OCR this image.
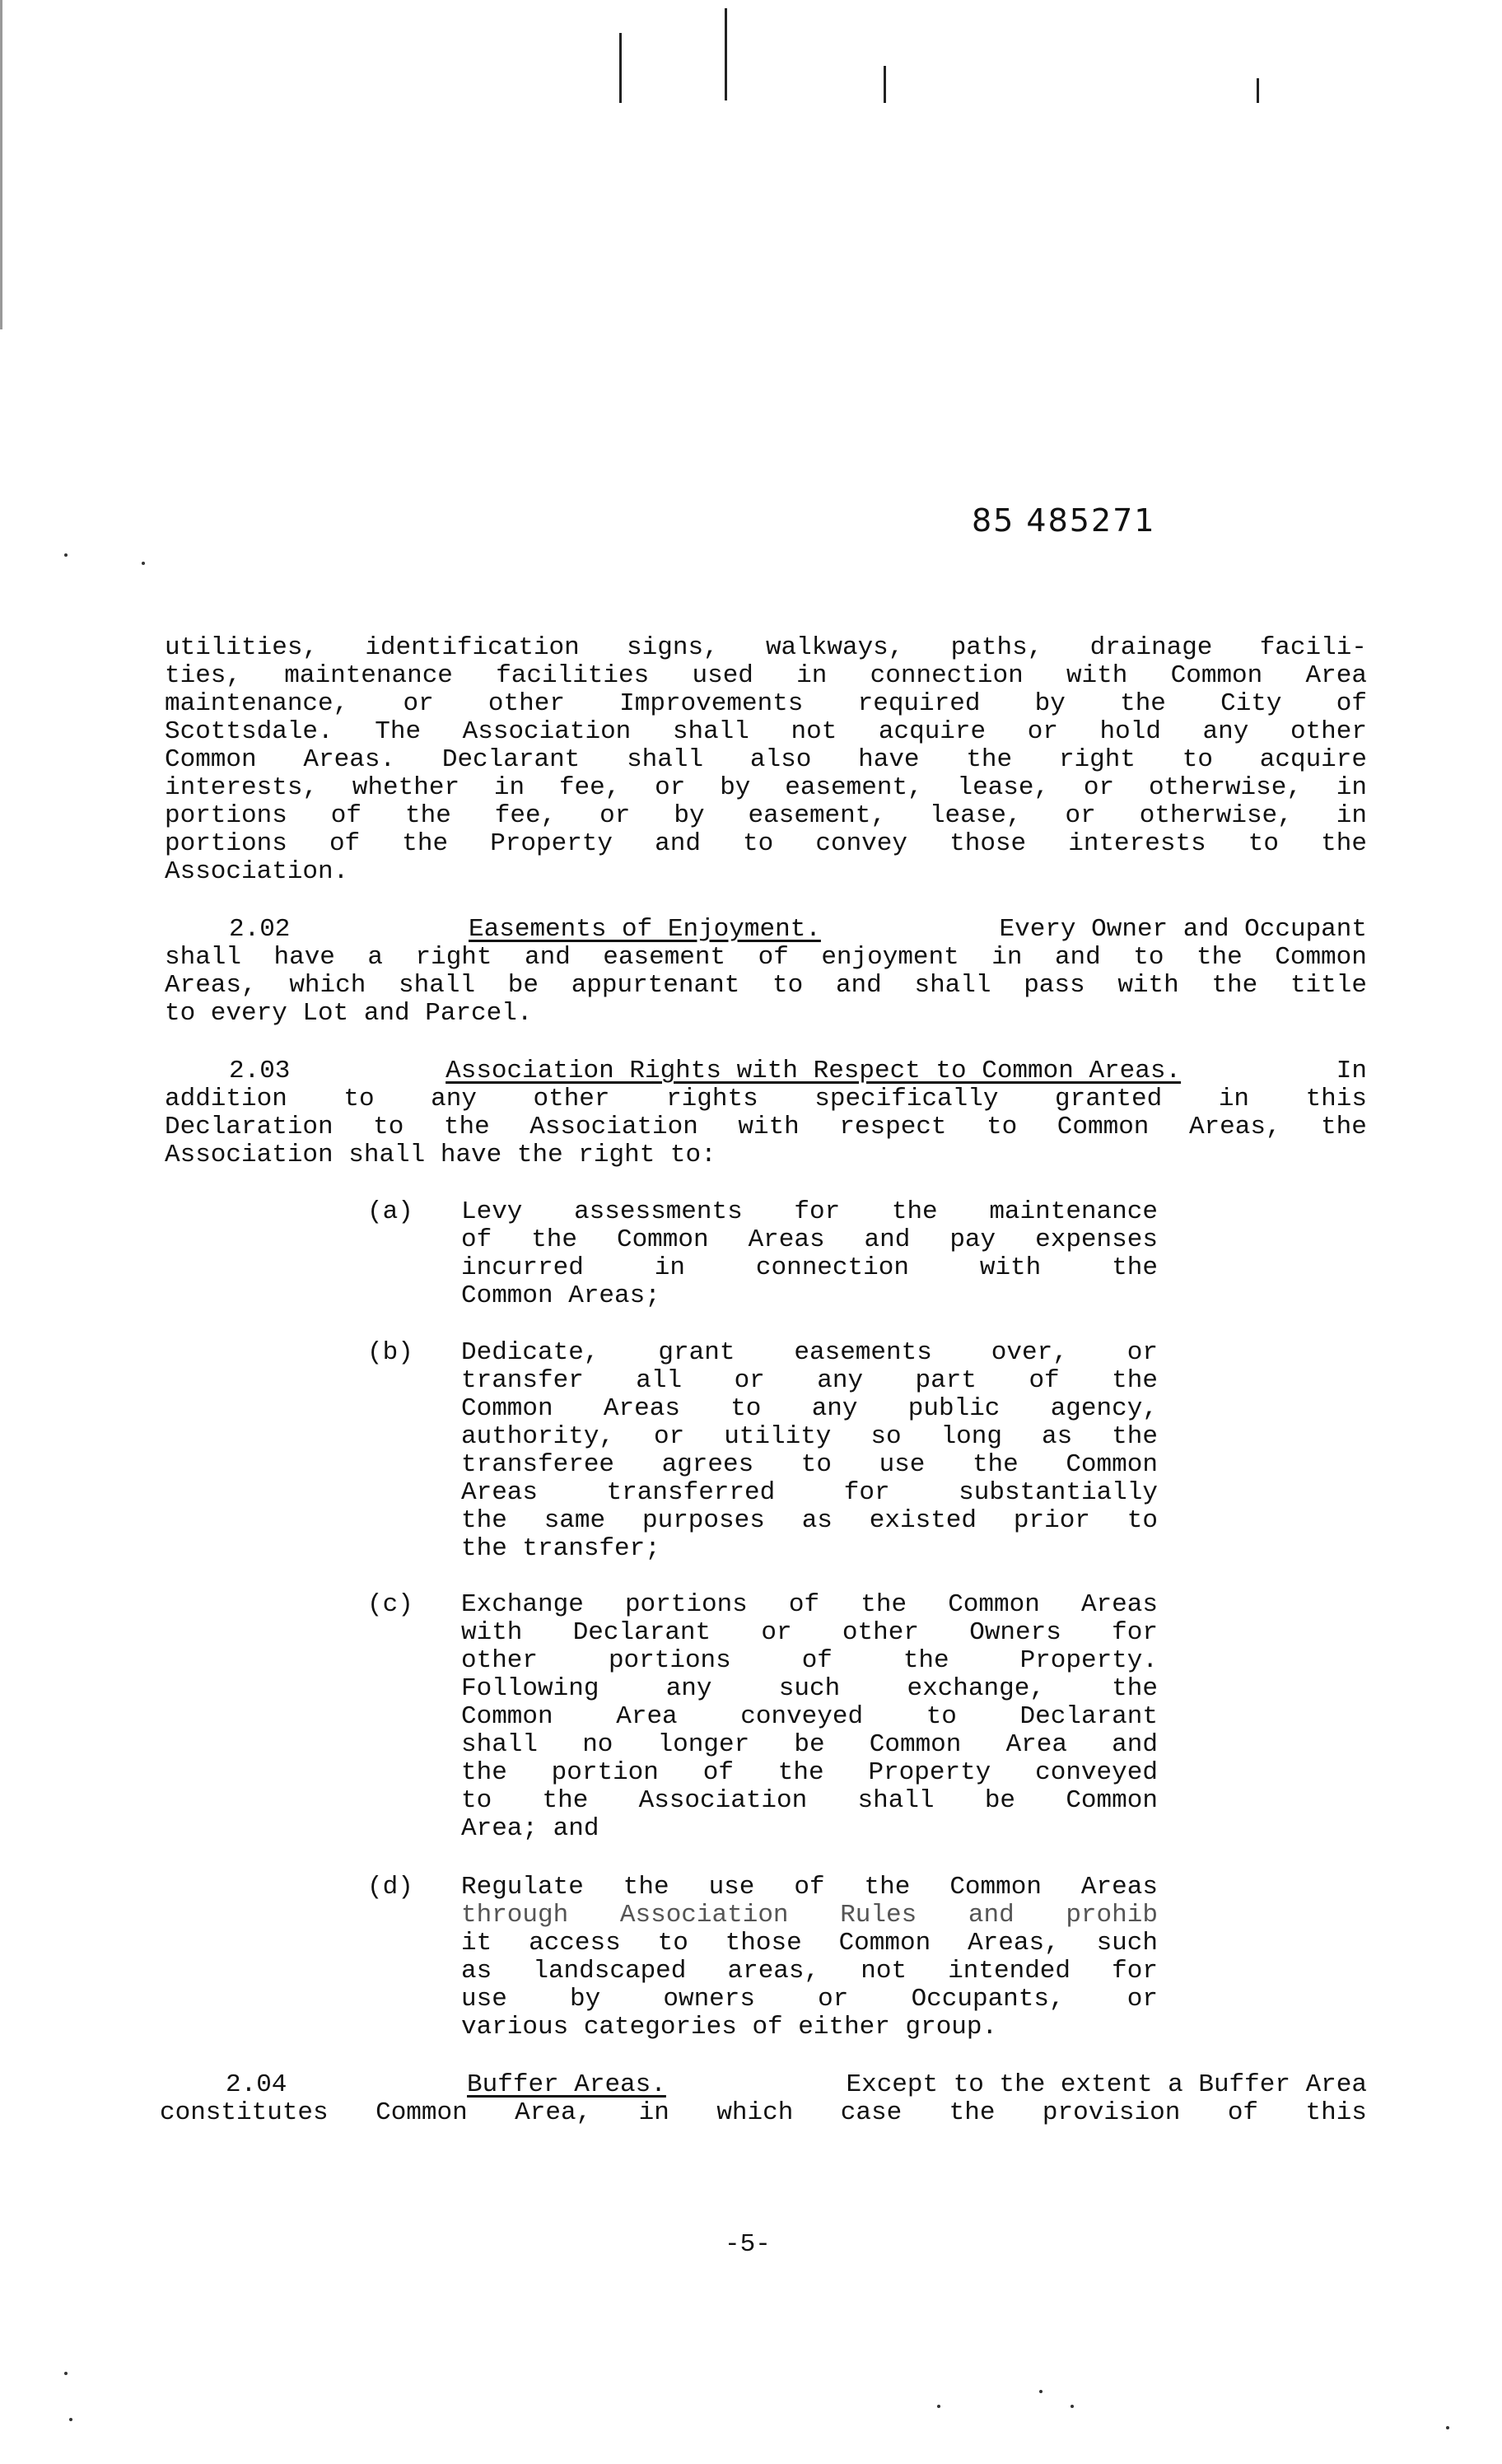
85 485271
utilities, identification signs, walkways, paths, drainage facili-
ties, maintenance facilities used in connection with Common Area
maintenance, or other Improvements required by the City of
Scottsdale. The Association shall not acquire or hold any other
Common Areas. Declarant shall also have the right to acquire
interests, whether in fee, or by easement, lease, or otherwise, in
portions of the fee, or by easement, lease, or otherwise, in
portions of the Property and to convey those interests to the
Association.
2.02	Easements of Enjoyment.	Every Owner and Occupant
shall have a right and easement of enjoyment in and to the Common
Areas, which shall be appurtenant to and shall pass with the title
to every Lot and Parcel.
2.03	Association Rights with Respect to Common Areas.	In
addition to any other rights specifically granted in this
Declaration to the Association with respect to Common Areas, the
Association shall have the right to:
(a) Levy assessments for the maintenance
of the Common Areas and pay expenses
incurred	in	connection	with	the
Common Areas;
(b) Dedicate, grant easements over, or
transfer all or any part of the
Common Areas to any public agency,
authority, or utility so long as the
transferee agrees to use the Common
Areas	transferred	for	substantially
the same purposes as existed prior to
the transfer;
(c) Exchange portions of the Common Areas
with Declarant or other Owners for
other	portions	of	the	Property.
Following	any	such	exchange,	the
Common Area conveyed to Declarant
shall no longer be Common Area and
the portion of the Property conveyed
to the Association shall be Common
Area; and
(d) Regulate the use of the Common Areas
through Association Rules and prohib
it access to those Common Areas, such
as landscaped areas, not intended for
use by owners or Occupants, or
various categories of either group.
2.04	Buffer Areas.	Except to the extent a Buffer Area
constitutes Common Area, in which case the provision of this
-5-
